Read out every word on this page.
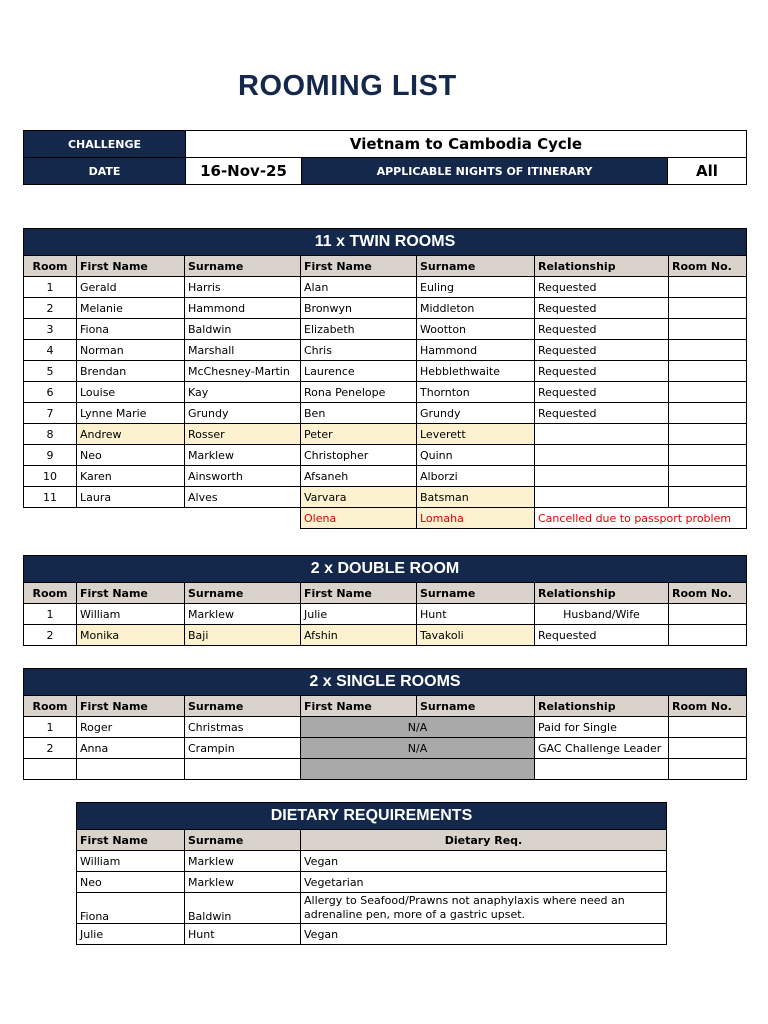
ROOMING LIST
CHALLENGE	Vietnam to Cambodia Cycle		
DATE	16-Nov-25	APPLICABLE NIGHTS OF ITINERARY	All
11 x TWIN ROOMS						
Room	First Name	Surname	First Name	Surname	Relationship	Room No.
1	Gerald	Harris	Alan	Euling	Requested	
2	Melanie	Hammond	Bronwyn	Middleton	Requested	
3	Fiona	Baldwin	Elizabeth	Wootton	Requested	
4	Norman	Marshall	Chris	Hammond	Requested	
5	Brendan	McChesney-Martin	Laurence	Hebblethwaite	Requested	
6	Louise	Kay	Rona Penelope	Thornton	Requested	
7	Lynne Marie	Grundy	Ben	Grundy	Requested	
8	Andrew	Rosser	Peter	Leverett		
9	Neo	Marklew	Christopher	Quinn		
10	Karen	Ainsworth	Afsaneh	Alborzi		
11	Laura	Alves	Varvara	Batsman		
			Olena	Lomaha	Cancelled due to passport problem	
2 x DOUBLE ROOM						
Room	First Name	Surname	First Name	Surname	Relationship	Room No.
1	William	Marklew	Julie	Hunt	Husband/Wife	
2	Monika	Baji	Afshin	Tavakoli	Requested	
2 x SINGLE ROOMS						
Room	First Name	Surname	First Name	Surname	Relationship	Room No.
1	Roger	Christmas	N/A		Paid for Single	
2	Anna	Crampin	N/A		GAC Challenge Leader	

DIETARY REQUIREMENTS		
First Name	Surname	Dietary Req.
William	Marklew	Vegan
Neo	Marklew	Vegetarian
Fiona	Baldwin	Allergy to Seafood/Prawns not anaphylaxis where need an adrenaline pen, more of a gastric upset.
Julie	Hunt	Vegan
